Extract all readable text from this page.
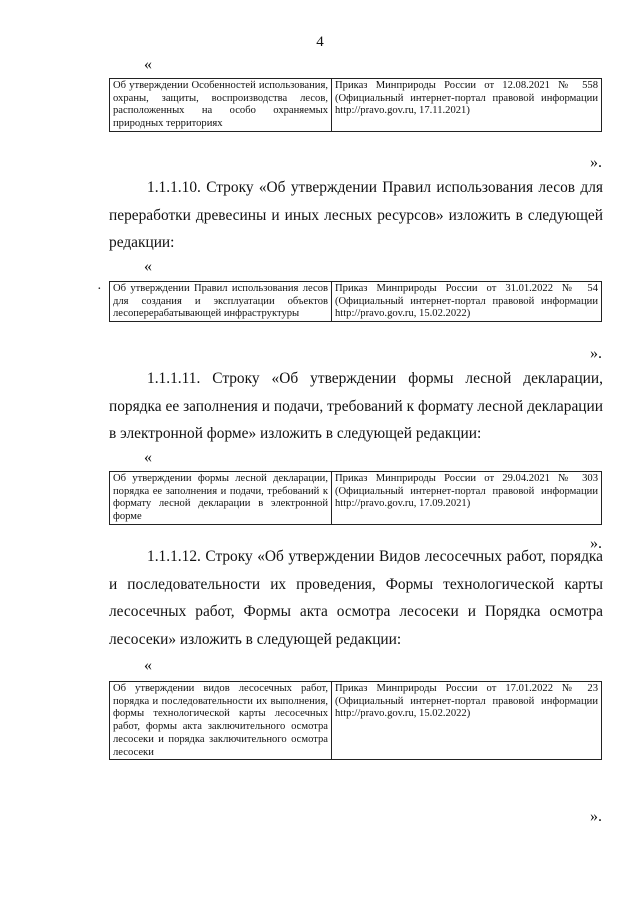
4
«
Об утверждении Особенностей использования, охраны, защиты, воспроизводства лесов, расположенных на особо охраняемых природных территориях	Приказ Минприроды России от 12.08.2021 № 558 (Официальный интернет-портал правовой информации http://pravo.gov.ru, 17.11.2021)
».

1.1.1.10. Строку «Об утверждении Правил использования лесов для переработки древесины и иных лесных ресурсов» изложить в следующей редакции:

«
· Об утверждении Правил использования лесов для создания и эксплуатации объектов лесоперерабатывающей инфраструктуры	Приказ Минприроды России от 31.01.2022 № 54 (Официальный интернет-портал правовой информации http://pravo.gov.ru, 15.02.2022)
».

1.1.1.11. Строку «Об утверждении формы лесной декларации, порядка ее заполнения и подачи, требований к формату лесной декларации в электронной форме» изложить в следующей редакции:

«
Об утверждении формы лесной декларации, порядка ее заполнения и подачи, требований к формату лесной декларации в электронной форме	Приказ Минприроды России от 29.04.2021 № 303 (Официальный интернет-портал правовой информации http://pravo.gov.ru, 17.09.2021)
».

1.1.1.12. Строку «Об утверждении Видов лесосечных работ, порядка и последовательности их проведения, Формы технологической карты лесосечных работ, Формы акта осмотра лесосеки и Порядка осмотра лесосеки» изложить в следующей редакции:

«
Об утверждении видов лесосечных работ, порядка и последовательности их выполнения, формы технологической карты лесосечных работ, формы акта заключительного осмотра лесосеки и порядка заключительного осмотра лесосеки	Приказ Минприроды России от 17.01.2022 № 23 (Официальный интернет-портал правовой информации http://pravo.gov.ru, 15.02.2022)
».
